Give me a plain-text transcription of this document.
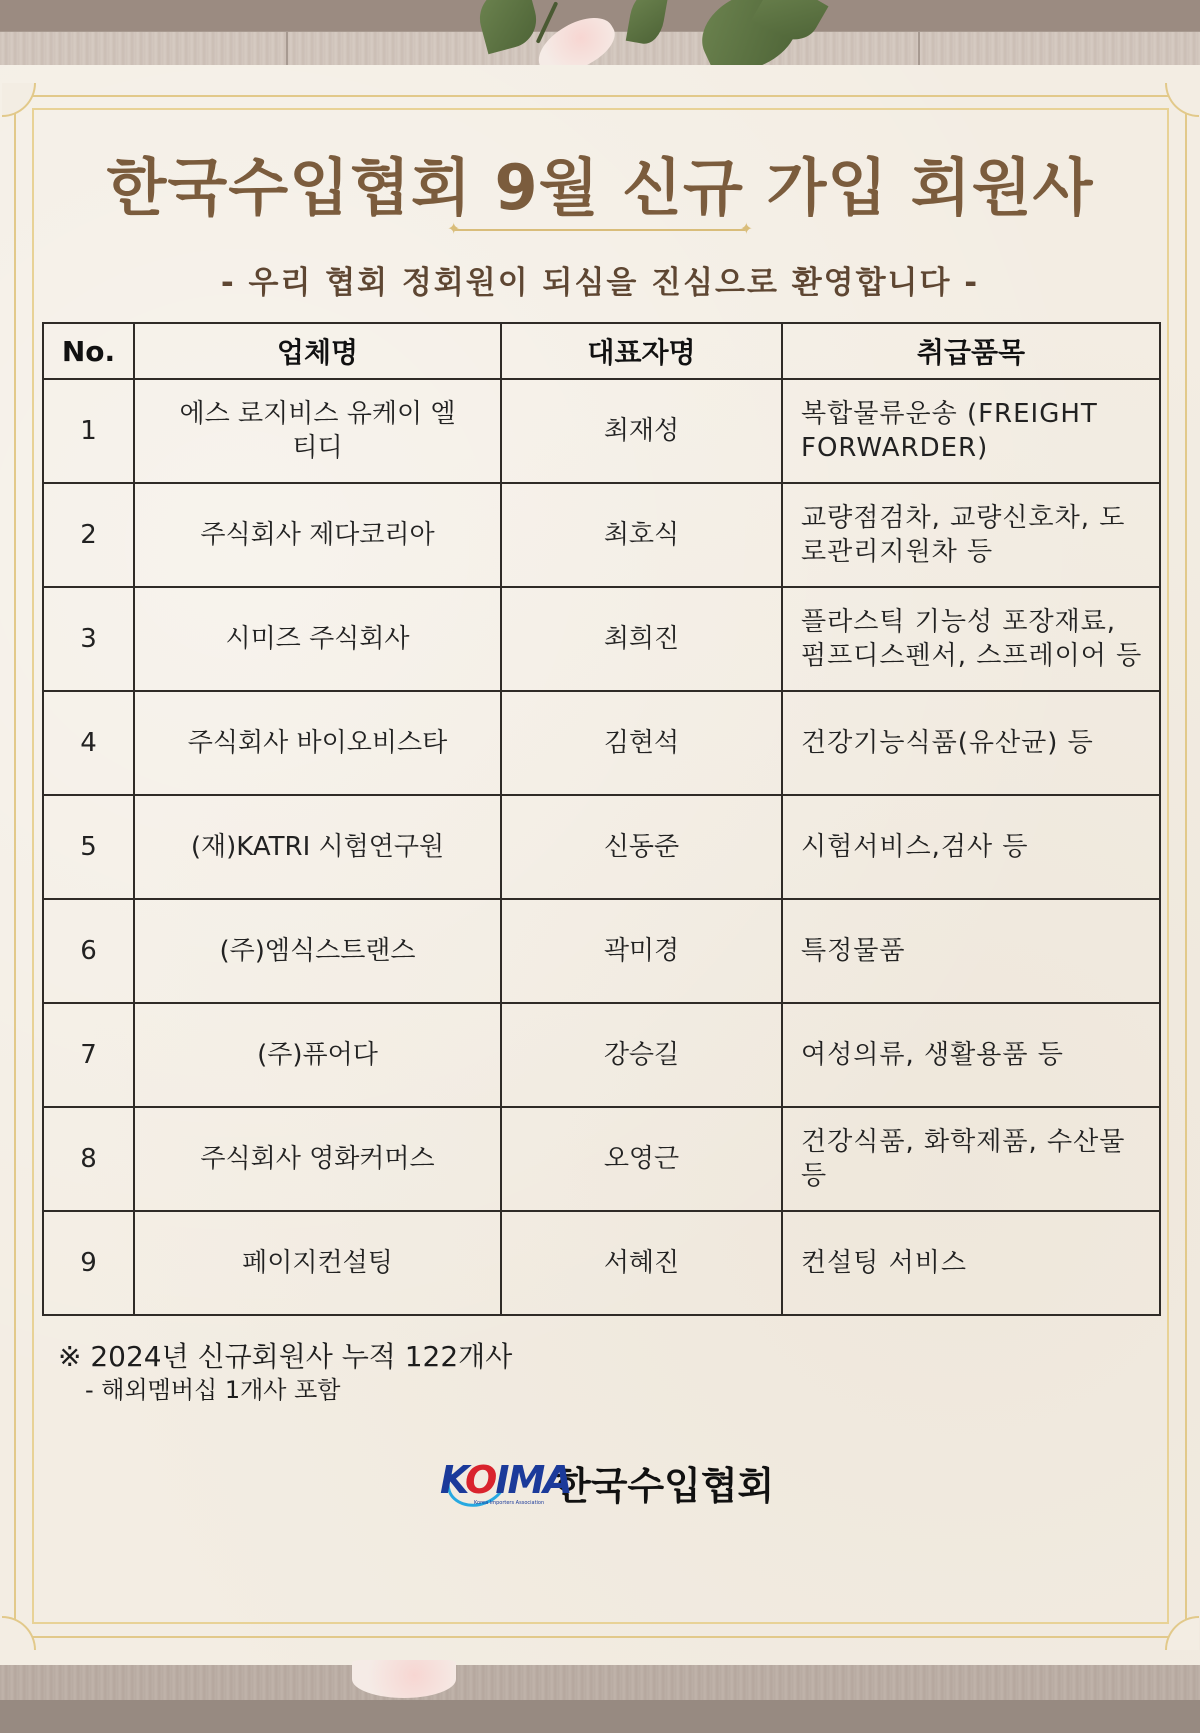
한국수입협회 9월 신규 가입 회원사
✦ ✦
- 우리 협회 정회원이 되심을 진심으로 환영합니다 -
No.	업체명	대표자명	취급품목
1	에스 로지비스 유케이 엘티디	최재성	복합물류운송 (FREIGHT FORWARDER)
2	주식회사 제다코리아	최호식	교량점검차, 교량신호차, 도로관리지원차 등
3	시미즈 주식회사	최희진	플라스틱 기능성 포장재료, 펌프디스펜서, 스프레이어 등
4	주식회사 바이오비스타	김현석	건강기능식품(유산균) 등
5	(재)KATRI 시험연구원	신동준	시험서비스,검사 등
6	(주)엠식스트랜스	곽미경	특정물품
7	(주)퓨어다	강승길	여성의류, 생활용품 등
8	주식회사 영화커머스	오영근	건강식품, 화학제품, 수산물 등
9	페이지컨설팅	서혜진	컨설팅 서비스
※ 2024년 신규회원사 누적 122개사
- 해외멤버십 1개사 포함
KOIMA
Korea Importers Association 한국수입협회
